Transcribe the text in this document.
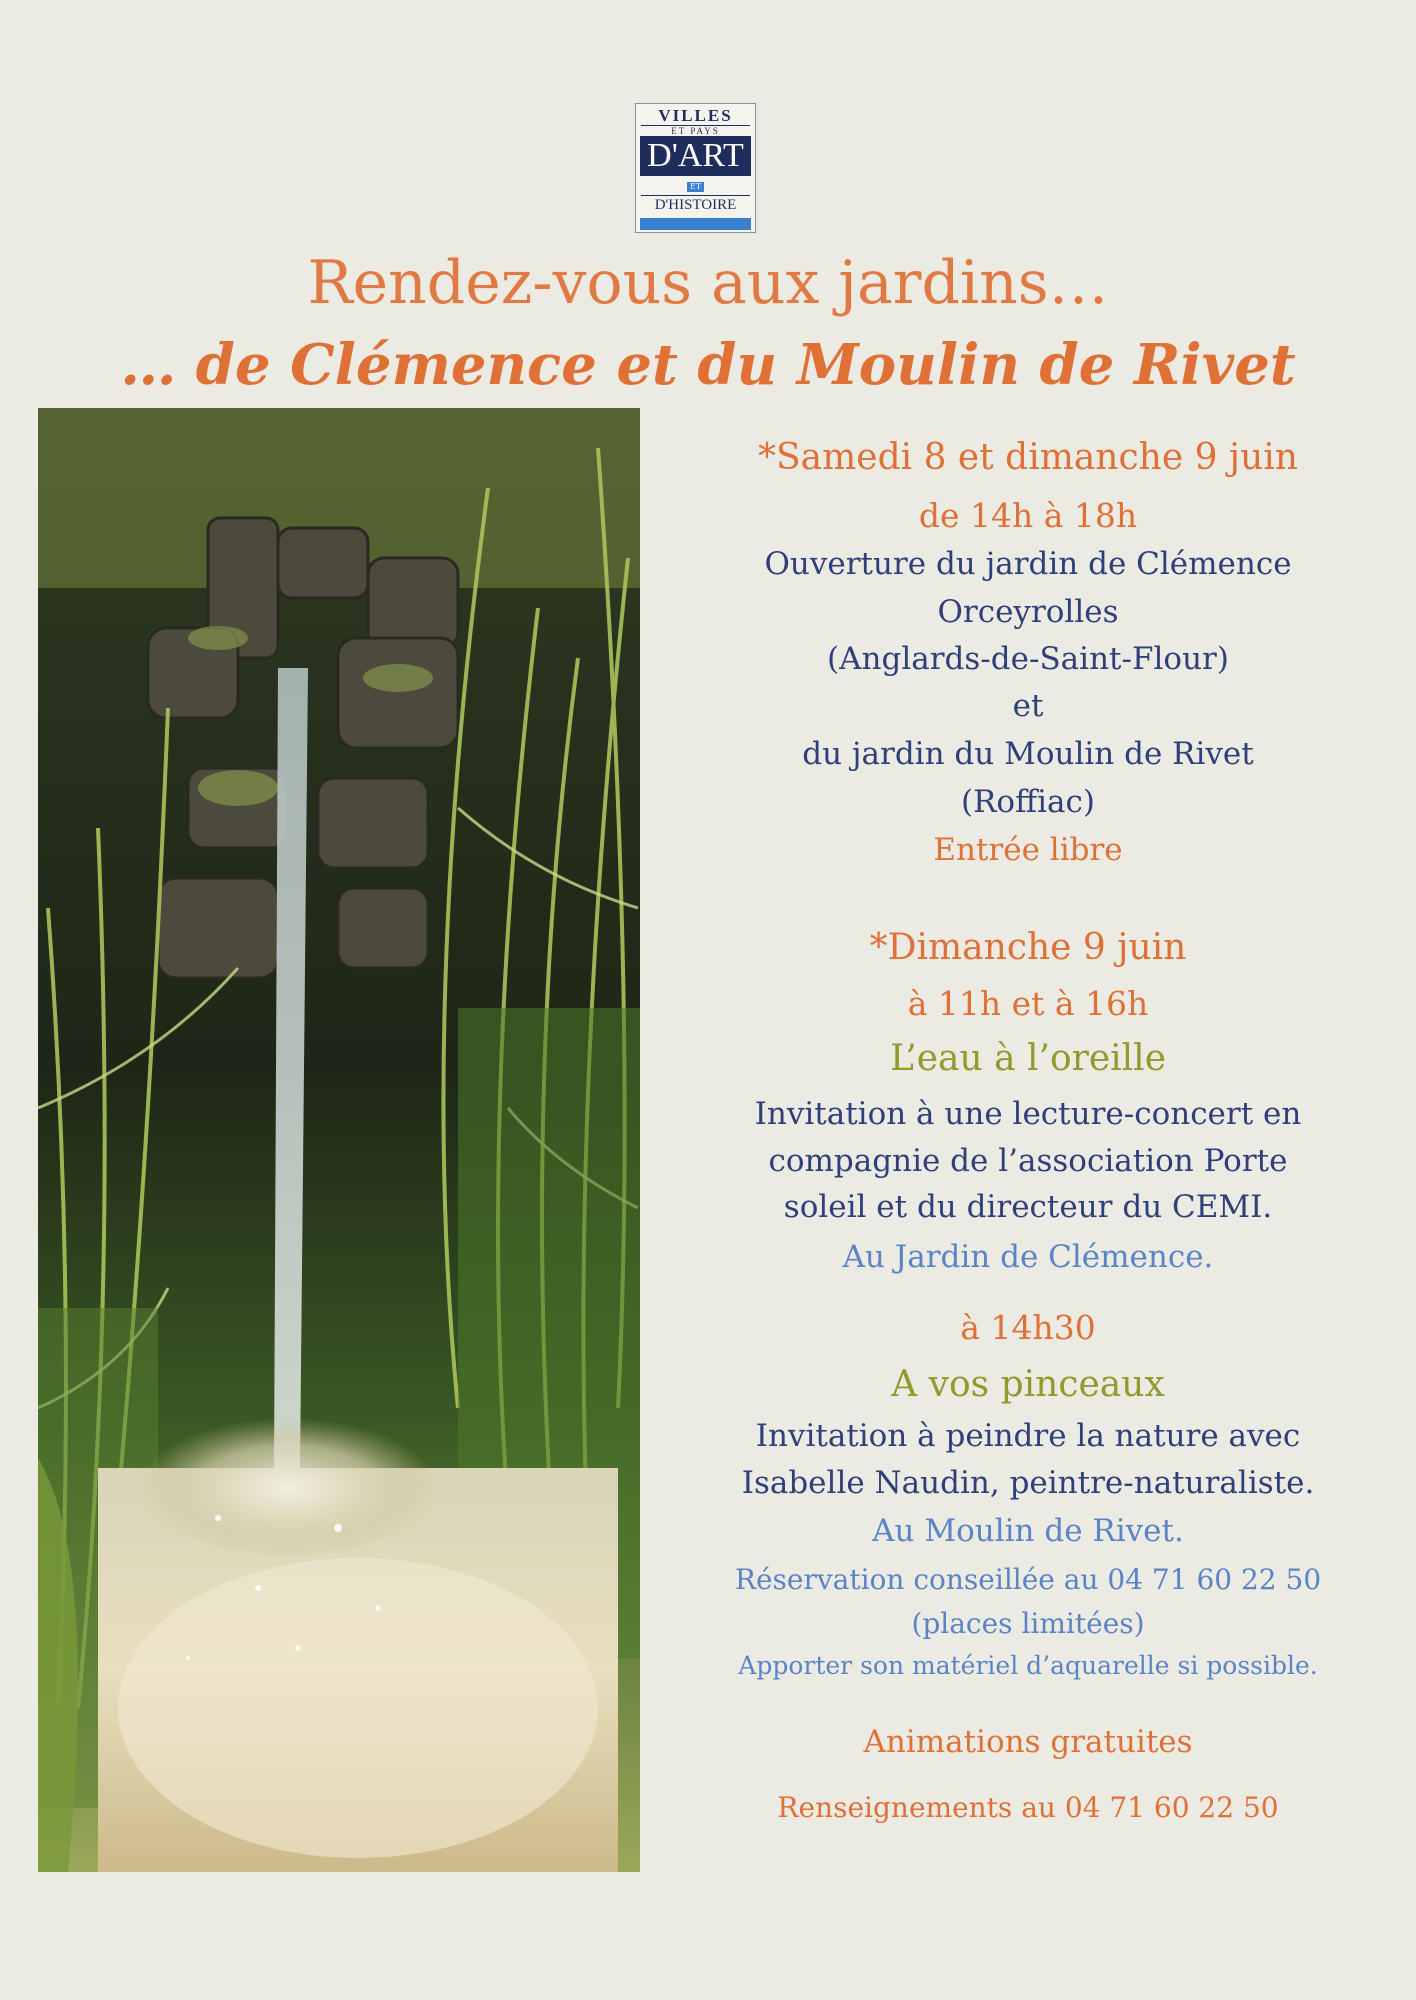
VILLES
ET PAYS
D'ART
ET
D'HISTOIRE
Rendez-vous aux jardins…
… de Clémence et du Moulin de Rivet
*Samedi 8 et dimanche 9 juin
de 14h à 18h
Ouverture du jardin de Clémence
Orceyrolles
(Anglards-de-Saint-Flour)
et
du jardin du Moulin de Rivet
(Roffiac)
Entrée libre
*Dimanche 9 juin
à 11h et à 16h
L’eau à l’oreille
Invitation à une lecture-concert en
compagnie de l’association Porte
soleil et du directeur du CEMI.
Au Jardin de Clémence.
à 14h30
A vos pinceaux
Invitation à peindre la nature avec
Isabelle Naudin, peintre-naturaliste.
Au Moulin de Rivet.
Réservation conseillée au 04 71 60 22 50
(places limitées)
Apporter son matériel d’aquarelle si possible.
Animations gratuites
Renseignements au 04 71 60 22 50
